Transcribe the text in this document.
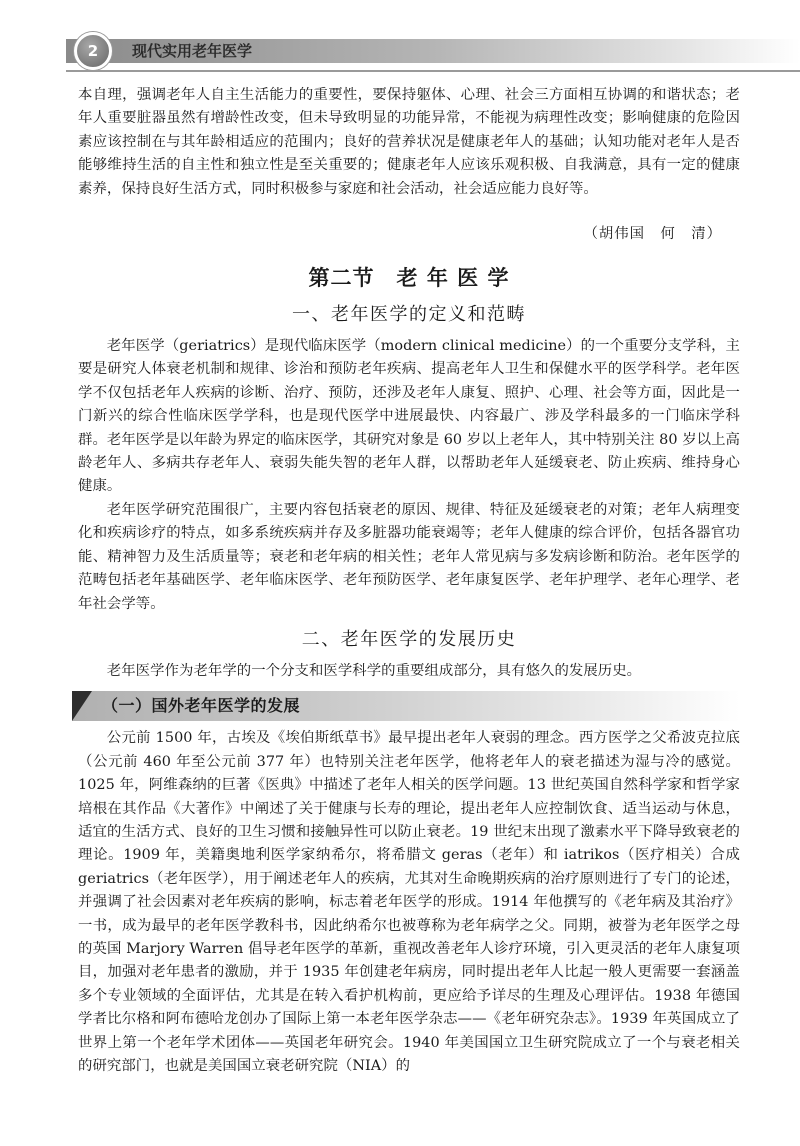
2	现代实用老年医学

本自理，强调老年人自主生活能力的重要性，要保持躯体、心理、社会三方面相互协调的和谐状态；老年人重要脏器虽然有增龄性改变，但未导致明显的功能异常，不能视为病理性改变；影响健康的危险因素应该控制在与其年龄相适应的范围内；良好的营养状况是健康老年人的基础；认知功能对老年人是否能够维持生活的自主性和独立性是至关重要的；健康老年人应该乐观积极、自我满意，具有一定的健康素养，保持良好生活方式，同时积极参与家庭和社会活动，社会适应能力良好等。

（胡伟国　何　清）
第二节　老 年 医 学
一、老年医学的定义和范畴

老年医学（geriatrics）是现代临床医学（modern clinical medicine）的一个重要分支学科，主要是研究人体衰老机制和规律、诊治和预防老年疾病、提高老年人卫生和保健水平的医学科学。老年医学不仅包括老年人疾病的诊断、治疗、预防，还涉及老年人康复、照护、心理、社会等方面，因此是一门新兴的综合性临床医学学科，也是现代医学中进展最快、内容最广、涉及学科最多的一门临床学科群。老年医学是以年龄为界定的临床医学，其研究对象是 60 岁以上老年人，其中特别关注 80 岁以上高龄老年人、多病共存老年人、衰弱失能失智的老年人群，以帮助老年人延缓衰老、防止疾病、维持身心健康。

老年医学研究范围很广，主要内容包括衰老的原因、规律、特征及延缓衰老的对策；老年人病理变化和疾病诊疗的特点，如多系统疾病并存及多脏器功能衰竭等；老年人健康的综合评价，包括各器官功能、精神智力及生活质量等；衰老和老年病的相关性；老年人常见病与多发病诊断和防治。老年医学的范畴包括老年基础医学、老年临床医学、老年预防医学、老年康复医学、老年护理学、老年心理学、老年社会学等。

二、老年医学的发展历史

老年医学作为老年学的一个分支和医学科学的重要组成部分，具有悠久的发展历史。

（一）国外老年医学的发展

公元前 1500 年，古埃及《埃伯斯纸草书》最早提出老年人衰弱的理念。西方医学之父希波克拉底（公元前 460 年至公元前 377 年）也特别关注老年医学，他将老年人的衰老描述为湿与冷的感觉。1025 年，阿维森纳的巨著《医典》中描述了老年人相关的医学问题。13 世纪英国自然科学家和哲学家培根在其作品《大著作》中阐述了关于健康与长寿的理论，提出老年人应控制饮食、适当运动与休息，适宜的生活方式、良好的卫生习惯和接触异性可以防止衰老。19 世纪末出现了激素水平下降导致衰老的理论。1909 年，美籍奥地利医学家纳希尔，将希腊文 geras（老年）和 iatrikos（医疗相关）合成 geriatrics（老年医学），用于阐述老年人的疾病，尤其对生命晚期疾病的治疗原则进行了专门的论述，并强调了社会因素对老年疾病的影响，标志着老年医学的形成。1914 年他撰写的《老年病及其治疗》一书，成为最早的老年医学教科书，因此纳希尔也被尊称为老年病学之父。同期，被誉为老年医学之母的英国 Marjory Warren 倡导老年医学的革新，重视改善老年人诊疗环境，引入更灵活的老年人康复项目，加强对老年患者的激励，并于 1935 年创建老年病房，同时提出老年人比起一般人更需要一套涵盖多个专业领域的全面评估，尤其是在转入看护机构前，更应给予详尽的生理及心理评估。1938 年德国学者比尔格和阿布德哈龙创办了国际上第一本老年医学杂志——《老年研究杂志》。1939 年英国成立了世界上第一个老年学术团体——英国老年研究会。1940 年美国国立卫生研究院成立了一个与衰老相关的研究部门，也就是美国国立衰老研究院（NIA）的
